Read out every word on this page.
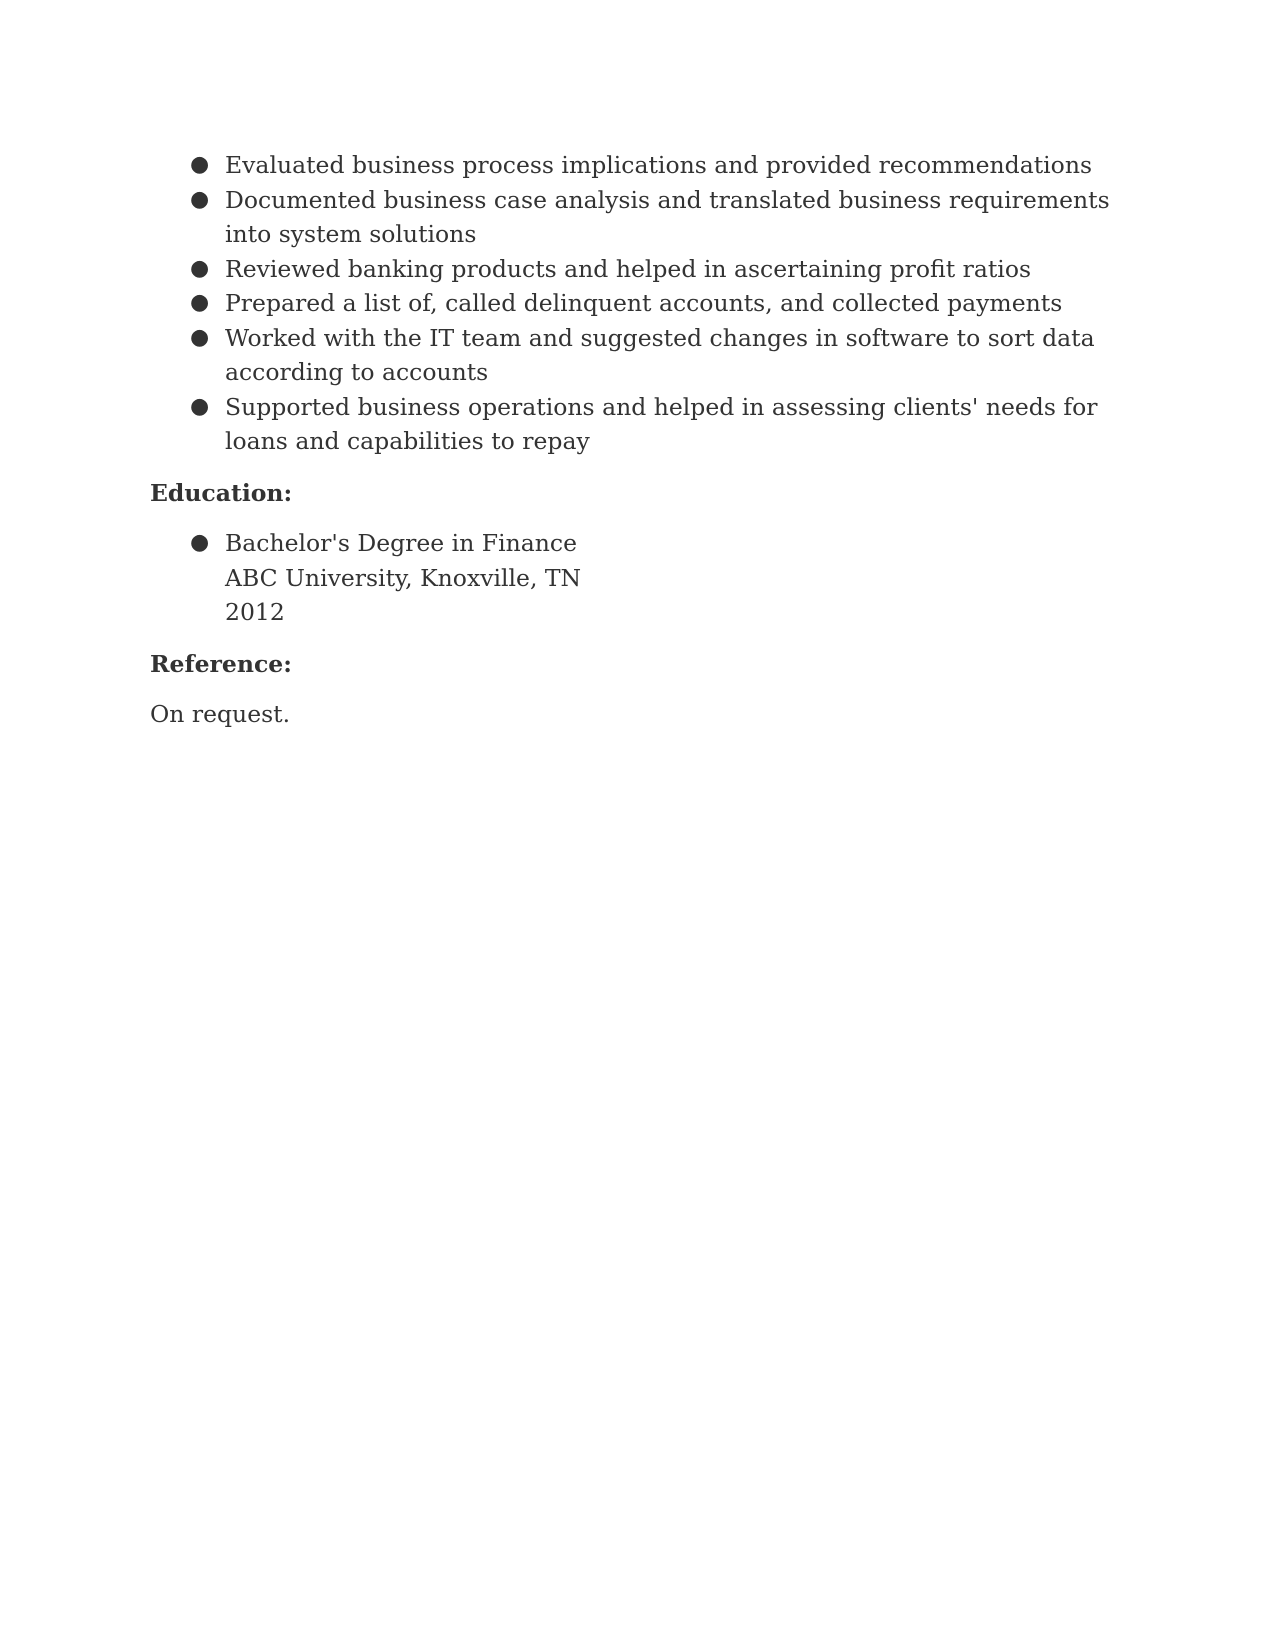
● Evaluated business process implications and provided recommendations
● Documented business case analysis and translated business requirements into system solutions
● Reviewed banking products and helped in ascertaining profit ratios
● Prepared a list of, called delinquent accounts, and collected payments
● Worked with the IT team and suggested changes in software to sort data according to accounts
● Supported business operations and helped in assessing clients' needs for loans and capabilities to repay
Education:
● Bachelor's Degree in Finance
ABC University, Knoxville, TN
2012
Reference:

On request.
